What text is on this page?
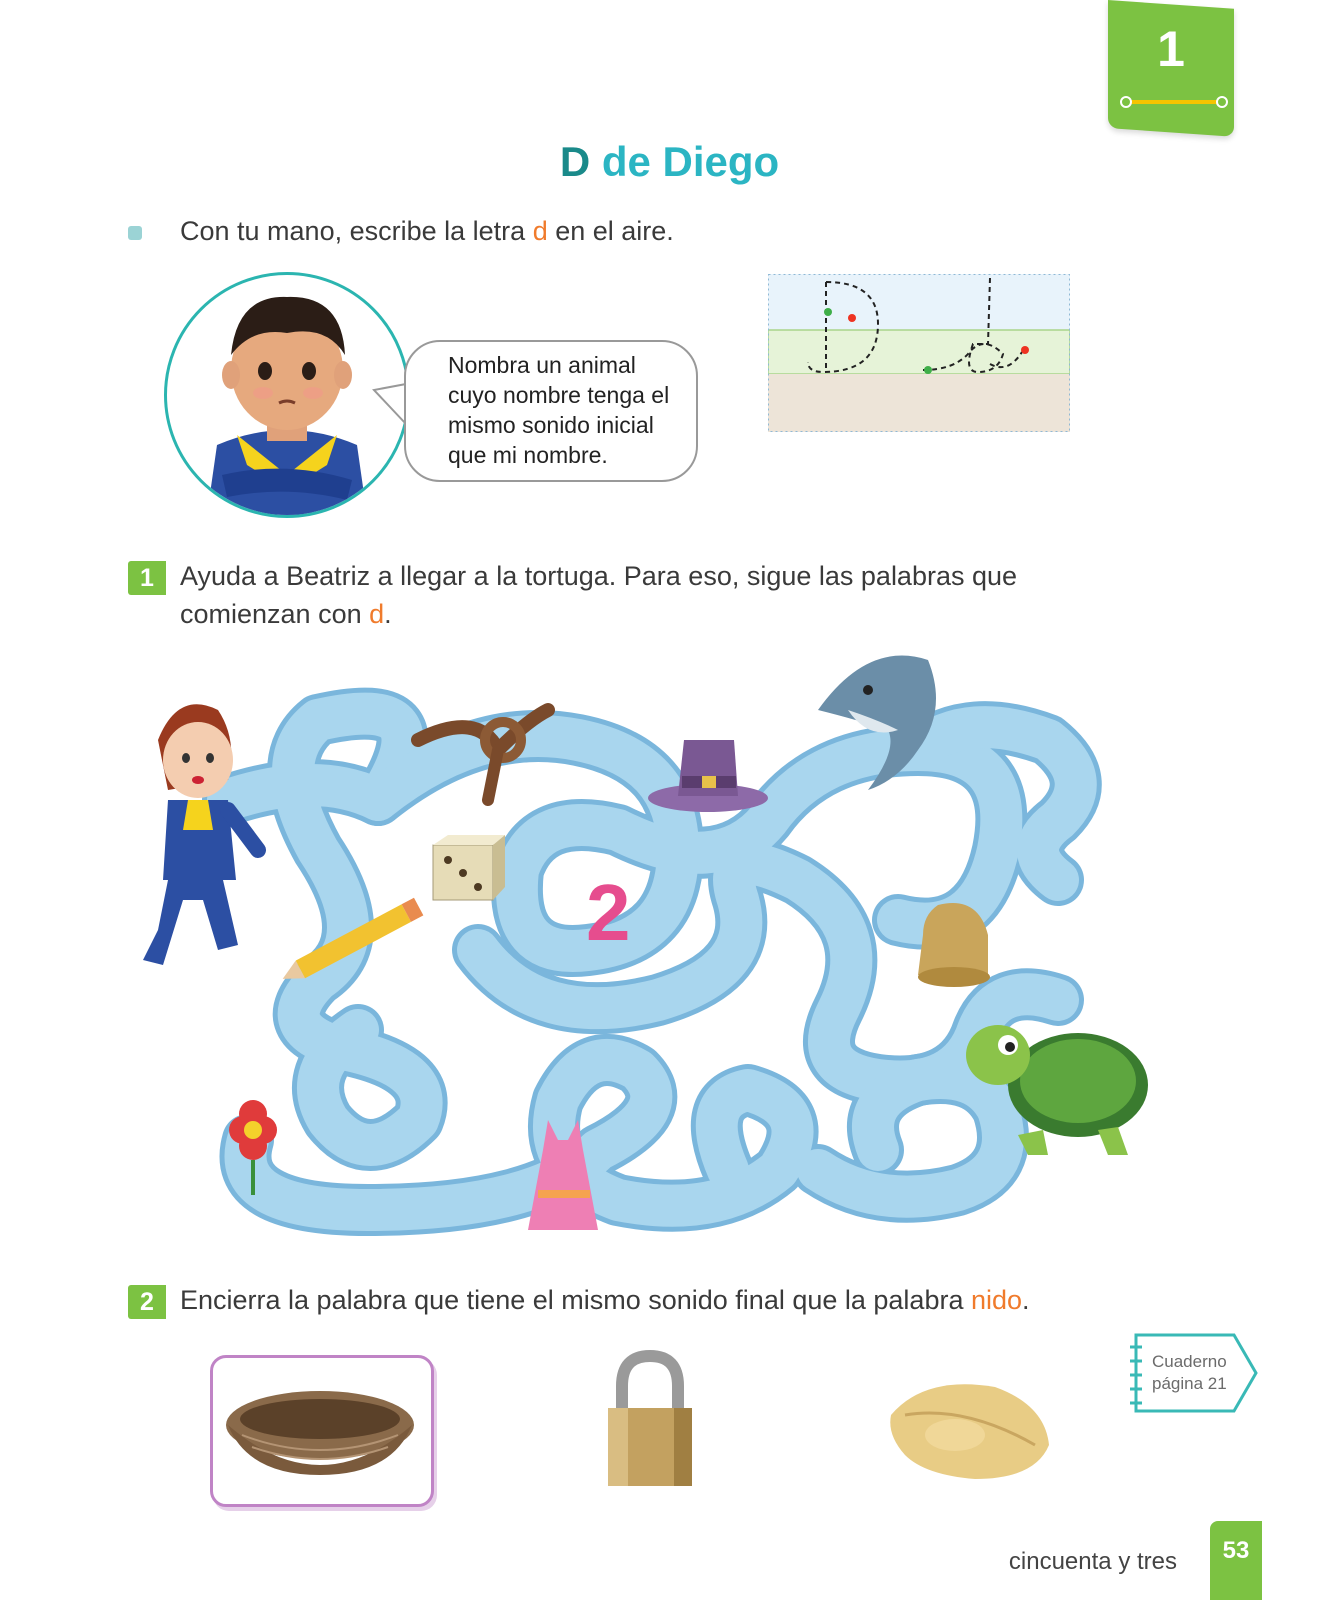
1
D de Diego
Con tu mano, escribe la letra d en el aire.
Nombra un animal cuyo nombre tenga el mismo sonido inicial que mi nombre.
1 Ayuda a Beatriz a llegar a la tortuga. Para eso, sigue las palabras que comienzan con d.
2
2 Encierra la palabra que tiene el mismo sonido final que la palabra nido.
Cuaderno
página 21
cincuenta y tres	53
